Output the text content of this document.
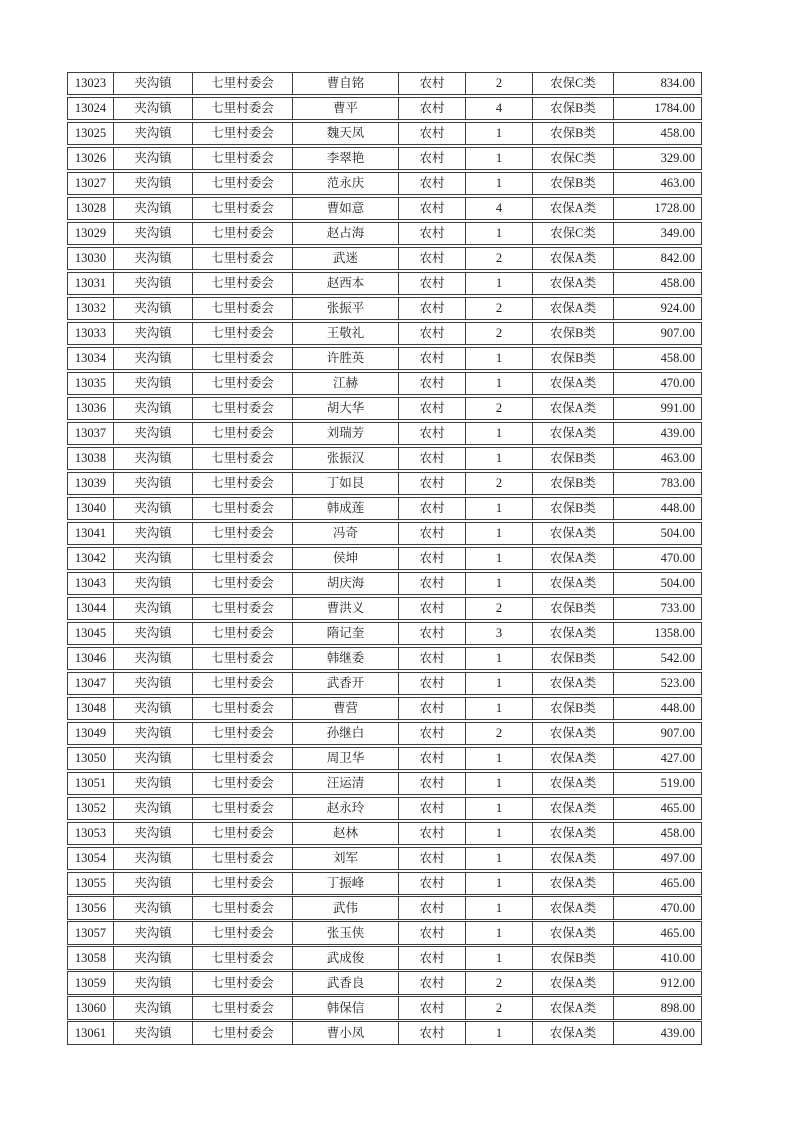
13023	夹沟镇	七里村委会	曹自铭	农村	2	农保C类	834.00
13024	夹沟镇	七里村委会	曹平	农村	4	农保B类	1784.00
13025	夹沟镇	七里村委会	魏天凤	农村	1	农保B类	458.00
13026	夹沟镇	七里村委会	李翠艳	农村	1	农保C类	329.00
13027	夹沟镇	七里村委会	范永庆	农村	1	农保B类	463.00
13028	夹沟镇	七里村委会	曹如意	农村	4	农保A类	1728.00
13029	夹沟镇	七里村委会	赵占海	农村	1	农保C类	349.00
13030	夹沟镇	七里村委会	武迷	农村	2	农保A类	842.00
13031	夹沟镇	七里村委会	赵西本	农村	1	农保A类	458.00
13032	夹沟镇	七里村委会	张振平	农村	2	农保A类	924.00
13033	夹沟镇	七里村委会	王敬礼	农村	2	农保B类	907.00
13034	夹沟镇	七里村委会	许胜英	农村	1	农保B类	458.00
13035	夹沟镇	七里村委会	江赫	农村	1	农保A类	470.00
13036	夹沟镇	七里村委会	胡大华	农村	2	农保A类	991.00
13037	夹沟镇	七里村委会	刘瑞芳	农村	1	农保A类	439.00
13038	夹沟镇	七里村委会	张振汉	农村	1	农保B类	463.00
13039	夹沟镇	七里村委会	丁如艮	农村	2	农保B类	783.00
13040	夹沟镇	七里村委会	韩成莲	农村	1	农保B类	448.00
13041	夹沟镇	七里村委会	冯奇	农村	1	农保A类	504.00
13042	夹沟镇	七里村委会	侯坤	农村	1	农保A类	470.00
13043	夹沟镇	七里村委会	胡庆海	农村	1	农保A类	504.00
13044	夹沟镇	七里村委会	曹洪义	农村	2	农保B类	733.00
13045	夹沟镇	七里村委会	隋记奎	农村	3	农保A类	1358.00
13046	夹沟镇	七里村委会	韩继委	农村	1	农保B类	542.00
13047	夹沟镇	七里村委会	武香开	农村	1	农保A类	523.00
13048	夹沟镇	七里村委会	曹营	农村	1	农保B类	448.00
13049	夹沟镇	七里村委会	孙继白	农村	2	农保A类	907.00
13050	夹沟镇	七里村委会	周卫华	农村	1	农保A类	427.00
13051	夹沟镇	七里村委会	汪运清	农村	1	农保A类	519.00
13052	夹沟镇	七里村委会	赵永玲	农村	1	农保A类	465.00
13053	夹沟镇	七里村委会	赵林	农村	1	农保A类	458.00
13054	夹沟镇	七里村委会	刘军	农村	1	农保A类	497.00
13055	夹沟镇	七里村委会	丁振峰	农村	1	农保A类	465.00
13056	夹沟镇	七里村委会	武伟	农村	1	农保A类	470.00
13057	夹沟镇	七里村委会	张玉侠	农村	1	农保A类	465.00
13058	夹沟镇	七里村委会	武成俊	农村	1	农保B类	410.00
13059	夹沟镇	七里村委会	武香良	农村	2	农保A类	912.00
13060	夹沟镇	七里村委会	韩保信	农村	2	农保A类	898.00
13061	夹沟镇	七里村委会	曹小凤	农村	1	农保A类	439.00
